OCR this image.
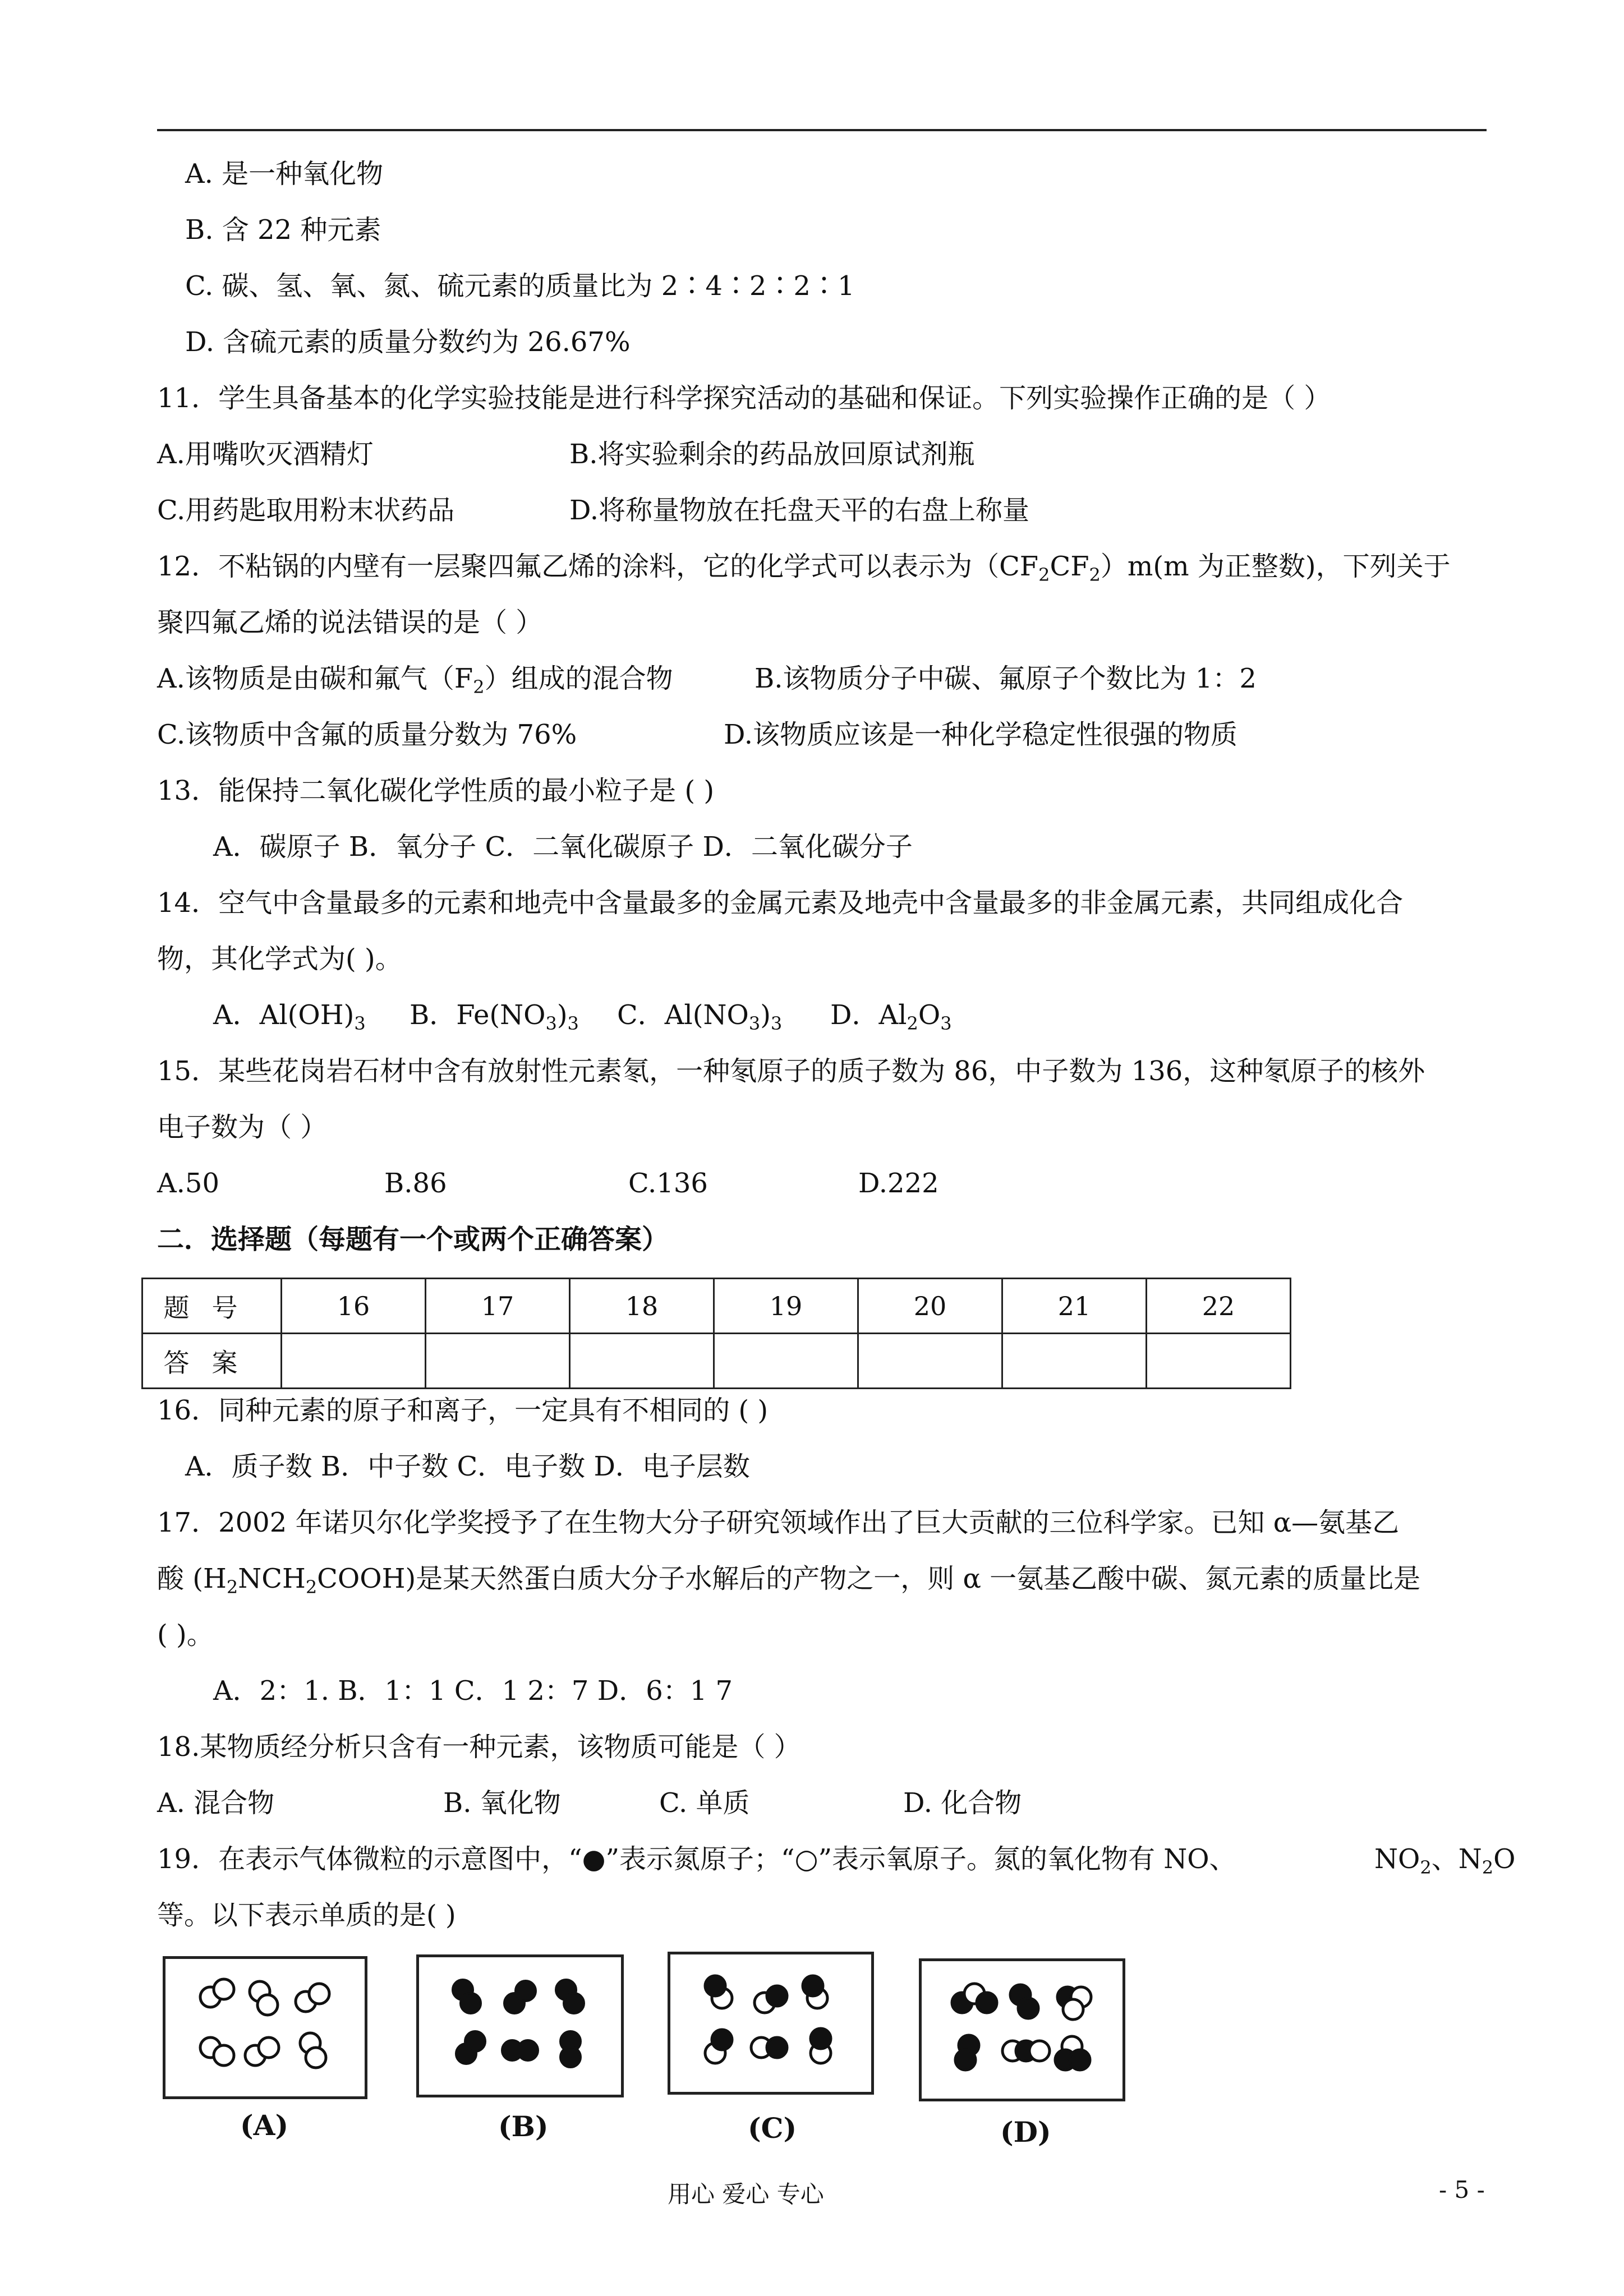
A. 是一种氧化物
B. 含 22 种元素
C. 碳、氢、氧、氮、硫元素的质量比为 2∶4∶2∶2∶1
D. 含硫元素的质量分数约为 26.67%
11．学生具备基本的化学实验技能是进行科学探究活动的基础和保证。下列实验操作正确的是（ ）
A.用嘴吹灭酒精灯	B.将实验剩余的药品放回原试剂瓶
C.用药匙取用粉末状药品	D.将称量物放在托盘天平的右盘上称量
12．不粘锅的内壁有一层聚四氟乙烯的涂料，它的化学式可以表示为$(CF_2CF_2)m(m$ 为正整数)，下列关于
聚四氟乙烯的说法错误的是（ ）
A.该物质是由碳和氟气$(F_2)$组成的混合物	B.该物质分子中碳、氟原子个数比为 1：2
C.该物质中含氟的质量分数为 76%	D.该物质应该是一种化学稳定性很强的物质
13．能保持二氧化碳化学性质的最小粒子是 ( )
A．碳原子 B．氧分子 C．二氧化碳原子 D．二氧化碳分子
14．空气中含量最多的元素和地壳中含量最多的金属元素及地壳中含量最多的非金属元素，共同组成化合
物，其化学式为( )。
A．$Al(OH)_3$ B．$Fe(NO_3)_3$ C．$Al(NO_3)_3$ D．$Al_2O_3$
15．某些花岗岩石材中含有放射性元素氡，一种氡原子的质子数为 86，中子数为 136，这种氡原子的核外
电子数为（ ）
A.50	B.86	C.136	D.222
二．选择题（每题有一个或两个正确答案）
题号	16	17	18	19	20	21	22
答案							
16．同种元素的原子和离子，一定具有不相同的 ( )
A．质子数 B．中子数 C．电子数 D．电子层数
17．2002 年诺贝尔化学奖授予了在生物大分子研究领域作出了巨大贡献的三位科学家。已知 α—氨基乙
酸 $(H_2NCH_2COOH)$是某天然蛋白质大分子水解后的产物之一，则 α 一氨基乙酸中碳、氮元素的质量比是
( )。
A．2：1. B．1：1 C．1 2：7 D．6：1 7
18.某物质经分析只含有一种元素，该物质可能是（ ）
A. 混合物	B. 氧化物	C. 单质	D. 化合物
19．在表示气体微粒的示意图中，“●”表示氮原子；“○”表示氧原子。氮的氧化物有 NO、	$NO_2$、$N_2O$
等。以下表示单质的是( )
(A)	(B)	(C)	(D)
用心 爱心 专心	- 5 -
